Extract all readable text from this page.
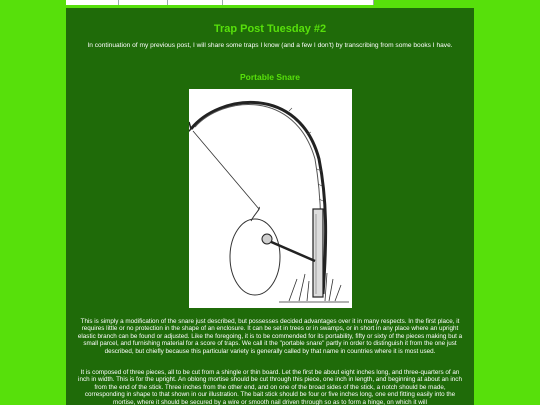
Trap Post Tuesday #2
In continuation of my previous post, I will share some traps I know (and a few I don't) by transcribing from some books I have.
Portable Snare
This is simply a modification of the snare just described, but possesses decided advantages over it in many respects. In the first place, it requires little or no protection in the shape of an enclosure. It can be set in trees or in swamps, or in short in any place where an upright elastic branch can be found or adjusted. Like the foregoing, it is to be commended for its portability, fifty or sixty of the pieces making but a small parcel, and furnishing material for a score of traps. We call it the "portable snare" partly in order to distinguish it from the one just described, but chiefly because this particular variety is generally called by that name in countries where it is most used.
It is composed of three pieces, all to be cut from a shingle or thin board. Let the first be about eight inches long, and three-quarters of an inch in width. This is for the upright. An oblong mortise should be cut through this piece, one inch in length, and beginning at about an inch from the end of the stick. Three inches from the other end, and on one of the broad sides of the stick, a notch should be made, corresponding in shape to that shown in our illustration. The bait stick should be four or five inches long, one end fitting easily into the mortise, where it should be secured by a wire or smooth nail driven through so as to form a hinge, on which it will
